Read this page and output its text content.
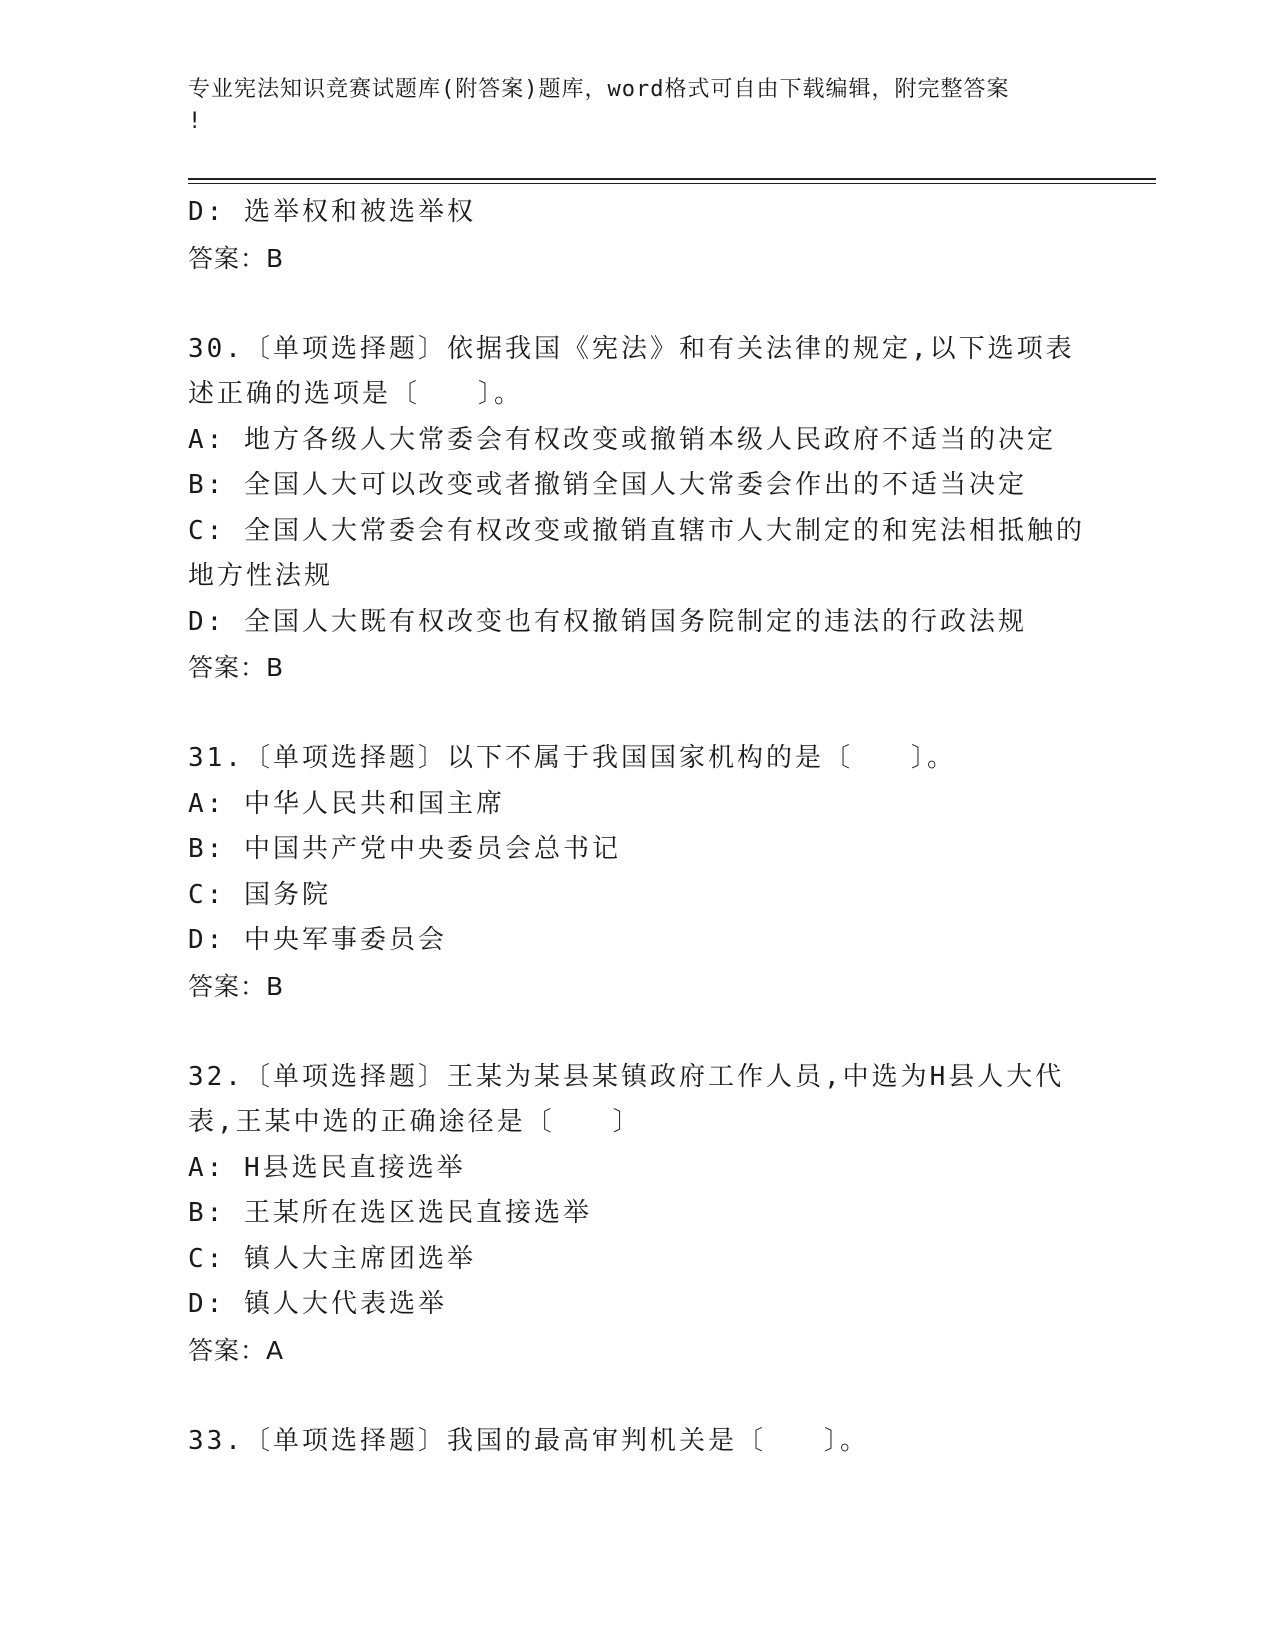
专业宪法知识竞赛试题库(附答案)题库，word格式可自由下载编辑，附完整答案
!
D: 选举权和被选举权
答案：B
30.〔单项选择题〕依据我国《宪法》和有关法律的规定,以下选项表
述正确的选项是〔　　〕。
A: 地方各级人大常委会有权改变或撤销本级人民政府不适当的决定
B: 全国人大可以改变或者撤销全国人大常委会作出的不适当决定
C: 全国人大常委会有权改变或撤销直辖市人大制定的和宪法相抵触的
地方性法规
D: 全国人大既有权改变也有权撤销国务院制定的违法的行政法规
答案：B
31.〔单项选择题〕以下不属于我国国家机构的是〔　　〕。
A: 中华人民共和国主席
B: 中国共产党中央委员会总书记
C: 国务院
D: 中央军事委员会
答案：B
32.〔单项选择题〕王某为某县某镇政府工作人员,中选为H县人大代
表,王某中选的正确途径是〔　　〕
A: H县选民直接选举
B: 王某所在选区选民直接选举
C: 镇人大主席团选举
D: 镇人大代表选举
答案：A
33.〔单项选择题〕我国的最高审判机关是〔　　〕。
